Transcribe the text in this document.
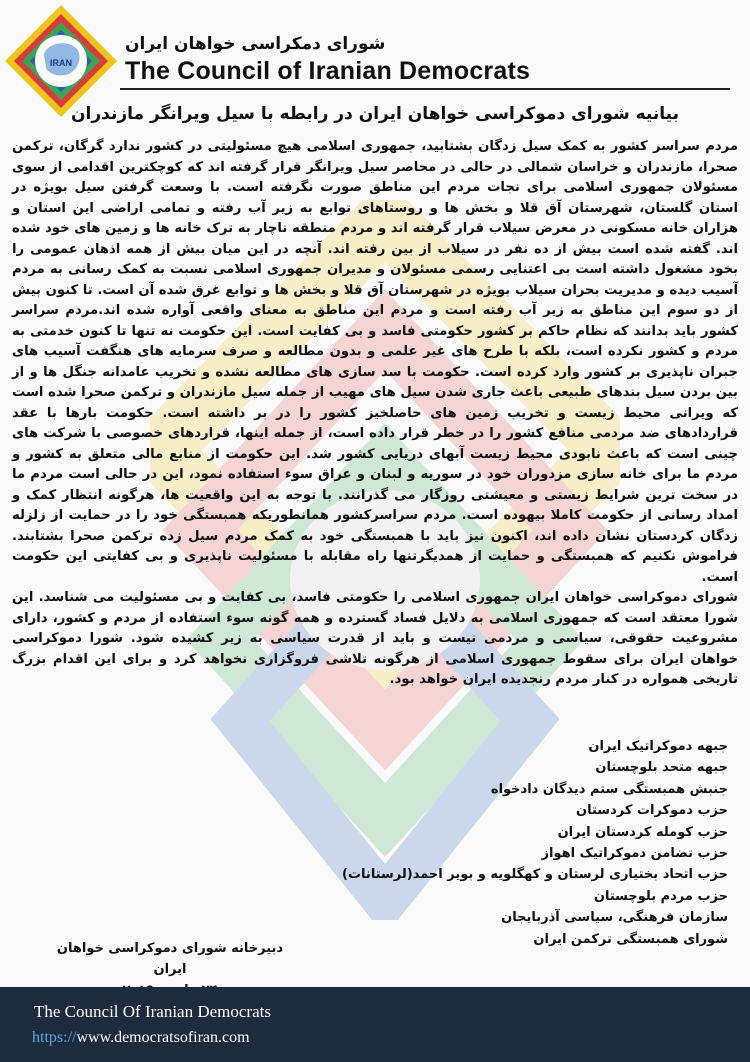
IRAN
شورای دمکراسی خواهان ایران
The Council of Iranian Democrats
بیانیه شورای دموکراسی خواهان ایران در رابطه با سیل ویرانگر مازندران

مردم سراسر کشور به کمک سیل زدگان بشتابید، جمهوری اسلامی هیچ مسئولیتی در کشور ندارد گرگان، ترکمن صحرا، مازندران و خراسان شمالی در حالی در محاصر سیل ویرانگر قرار گرفته اند که کوچکترین اقدامی از سوی مسئولان جمهوری اسلامی برای نجات مردم این مناطق صورت نگرفته است. با وسعت گرفتن سیل بویژه در استان گلستان، شهرستان آق قلا و بخش ها و روستاهای توابع به زیر آب رفته و تمامی اراضی این استان و هزاران خانه مسکونی در معرض سیلاب قرار گرفته اند و مردم منطقه ناچار به ترک خانه ها و زمین های خود شده اند. گفته شده است بیش از ده نفر در سیلاب از بین رفته اند. آنچه در این میان بیش از همه اذهان عمومی را بخود مشغول داشته است بی اعتنایی رسمی مسئولان و مدیران جمهوری اسلامی نسبت به کمک رسانی به مردم آسیب دیده و مدیریت بحران سیلاب بویژه در شهرستان آق قلا و بخش ها و توابع غرق شده آن است. تا کنون بیش از دو سوم این مناطق به زیر آب رفته است و مردم این مناطق به معنای واقعی آواره شده اند.مردم سراسر کشور باید بدانند که نظام حاکم بر کشور حکومتی فاسد و بی کفایت است. این حکومت نه تنها تا کنون خدمتی به مردم و کشور نکرده است، بلکه با طرح های غیر علمی و بدون مطالعه و صرف سرمایه های هنگفت آسیب های جبران ناپذیری بر کشور وارد کرده است. حکومت با سد سازی های مطالعه نشده و تخریب عامدانه جنگل ها و از بین بردن سیل بندهای طبیعی باعث جاری شدن سیل های مهیب از جمله سیل مازندران و ترکمن صحرا شده است که ویرانی محیط زیست و تخریب زمین های حاصلخیز کشور را در بر داشته است. حکومت بارها با عقد قراردادهای ضد مردمی منافع کشور را در خطر قرار داده است، از جمله اینها، قراردهای خصوصی با شرکت های چینی است که باعث نابودی محیط زیست آبهای دریایی کشور شد. این حکومت از منابع مالی متعلق به کشور و مردم ما برای خانه سازی مزدوران خود در سوریه و لبنان و عراق سوء استفاده نمود، این در حالی است مردم ما در سخت ترین شرایط زیستی و معیشتی روزگار می گذرانند. با توجه به این واقعیت ها، هرگونه انتظار کمک و امداد رسانی از حکومت کاملا بیهوده است. مردم سراسرکشور همانطوریکه همبستگی خود را در حمایت از زلزله زدگان کردستان نشان داده اند، اکنون نیز باید با همبستگی خود به کمک مردم سیل زده ترکمن صحرا بشتابند. فراموش نکنیم که همبستگی و حمایت از همدیگرتنها راه مقابله با مسئولیت ناپذیری و بی کفایتی این حکومت است.

شورای دموکراسی خواهان ایران جمهوری اسلامی را حکومتی فاسد، بی کفایت و بی مسئولیت می شناسد. این شورا معتقد است که جمهوری اسلامی به دلایل فساد گسترده و همه گونه سوء استفاده از مردم و کشور، دارای مشروعیت حقوقی، سیاسی و مردمی نیست و باید از قدرت سیاسی به زیر کشیده شود. شورا دموکراسی خواهان ایران برای سقوط جمهوری اسلامی از هرگونه تلاشی فروگزاری نخواهد کرد و برای این اقدام بزرگ تاریخی همواره در کنار مردم رنجدیده ایران خواهد بود.

جبهه دموکراتیک ایران
جبهه متحد بلوچستان
جنبش همبستگی ستم دیدگان دادخواه
حزب دموکرات کردستان
حزب کومله کردستان ایران
حزب تضامن دموکراتیک اهواز
حزب اتحاد بختیاری لرستان و کهگلویه و بویر احمد(لرستانات)
حزب مردم بلوچستان
سازمان فرهنگی، سیاسی آذربایجان
شورای همبستگی ترکمن ایران
دبیرخانه شورای دموکراسی خواهان ایران
The Council Of Iranian Democrats
https://www.democratsofiran.com
